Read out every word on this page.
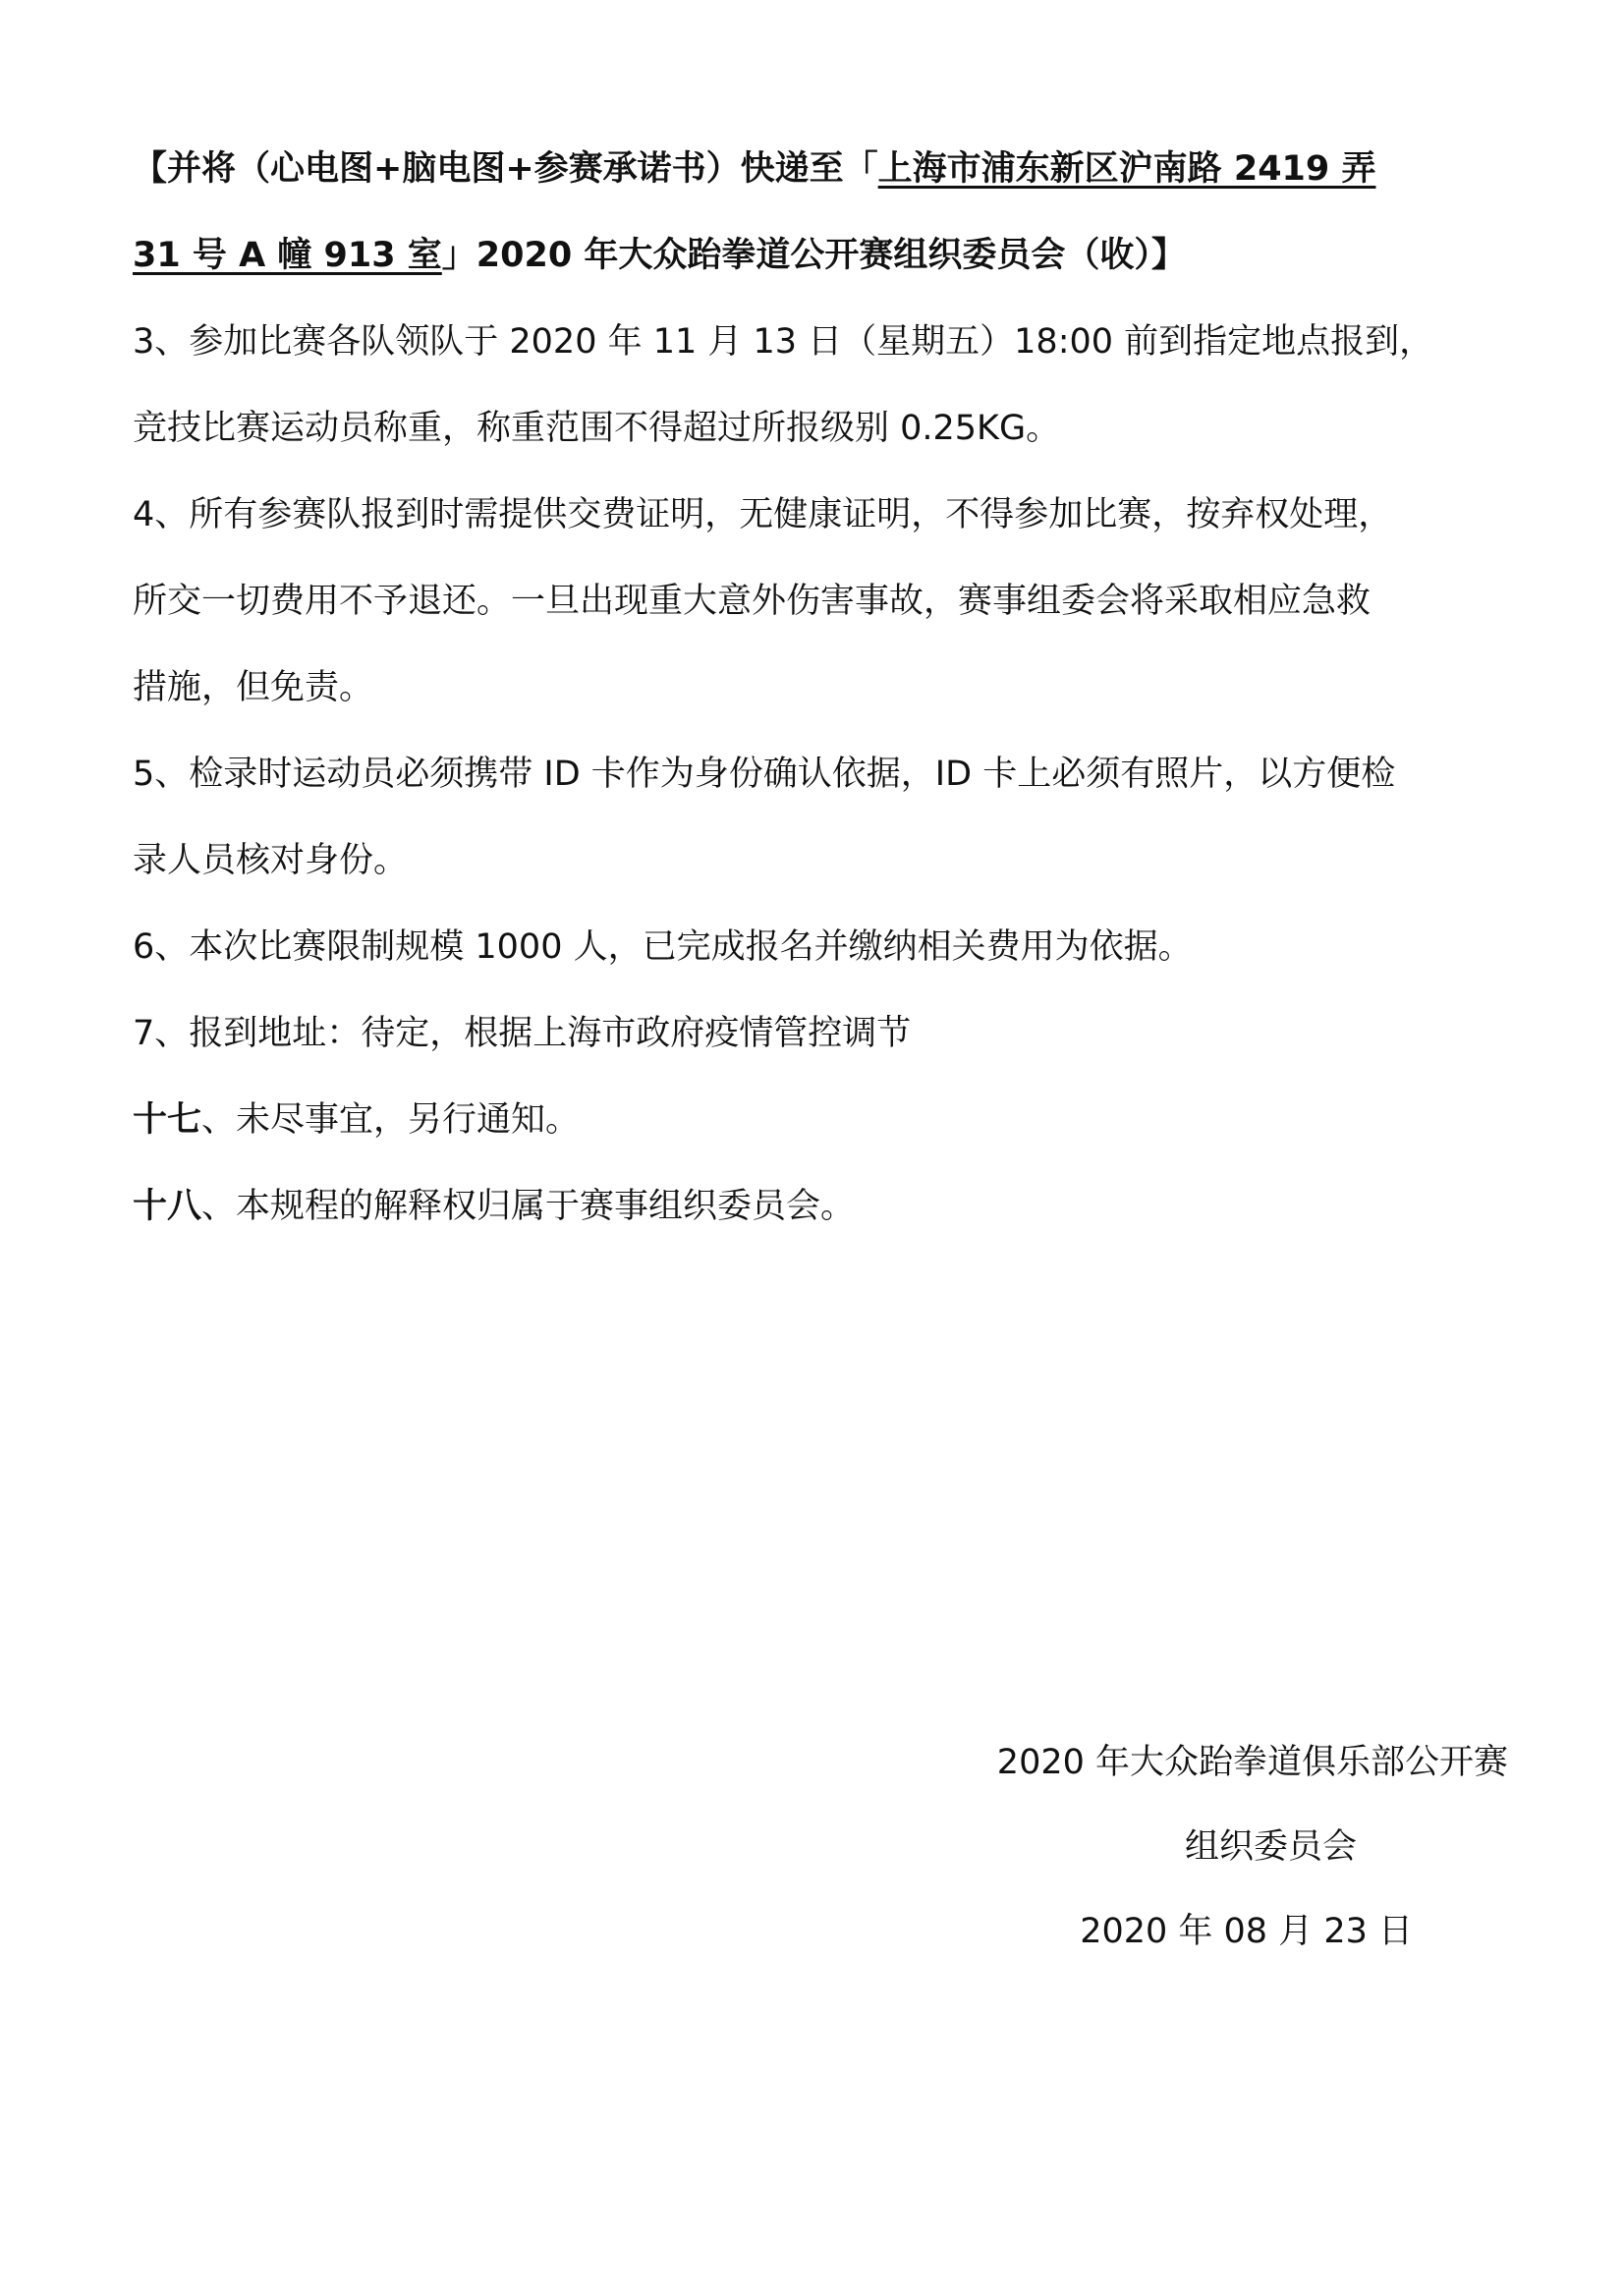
【并将（心电图+脑电图+参赛承诺书）快递至「上海市浦东新区沪南路 2419 弄
31 号 A 幢 913 室」2020 年大众跆拳道公开赛组织委员会（收）】
3、参加比赛各队领队于 2020 年 11 月 13 日（星期五）18:00 前到指定地点报到，
竞技比赛运动员称重，称重范围不得超过所报级别 0.25KG。
4、所有参赛队报到时需提供交费证明，无健康证明，不得参加比赛，按弃权处理，
所交一切费用不予退还。一旦出现重大意外伤害事故，赛事组委会将采取相应急救
措施，但免责。
5、检录时运动员必须携带 ID 卡作为身份确认依据，ID 卡上必须有照片，以方便检
录人员核对身份。
6、本次比赛限制规模 1000 人，已完成报名并缴纳相关费用为依据。
7、报到地址：待定，根据上海市政府疫情管控调节
十七、未尽事宜，另行通知。
十八、本规程的解释权归属于赛事组织委员会。
2020 年大众跆拳道俱乐部公开赛
组织委员会
2020 年 08 月 23 日
